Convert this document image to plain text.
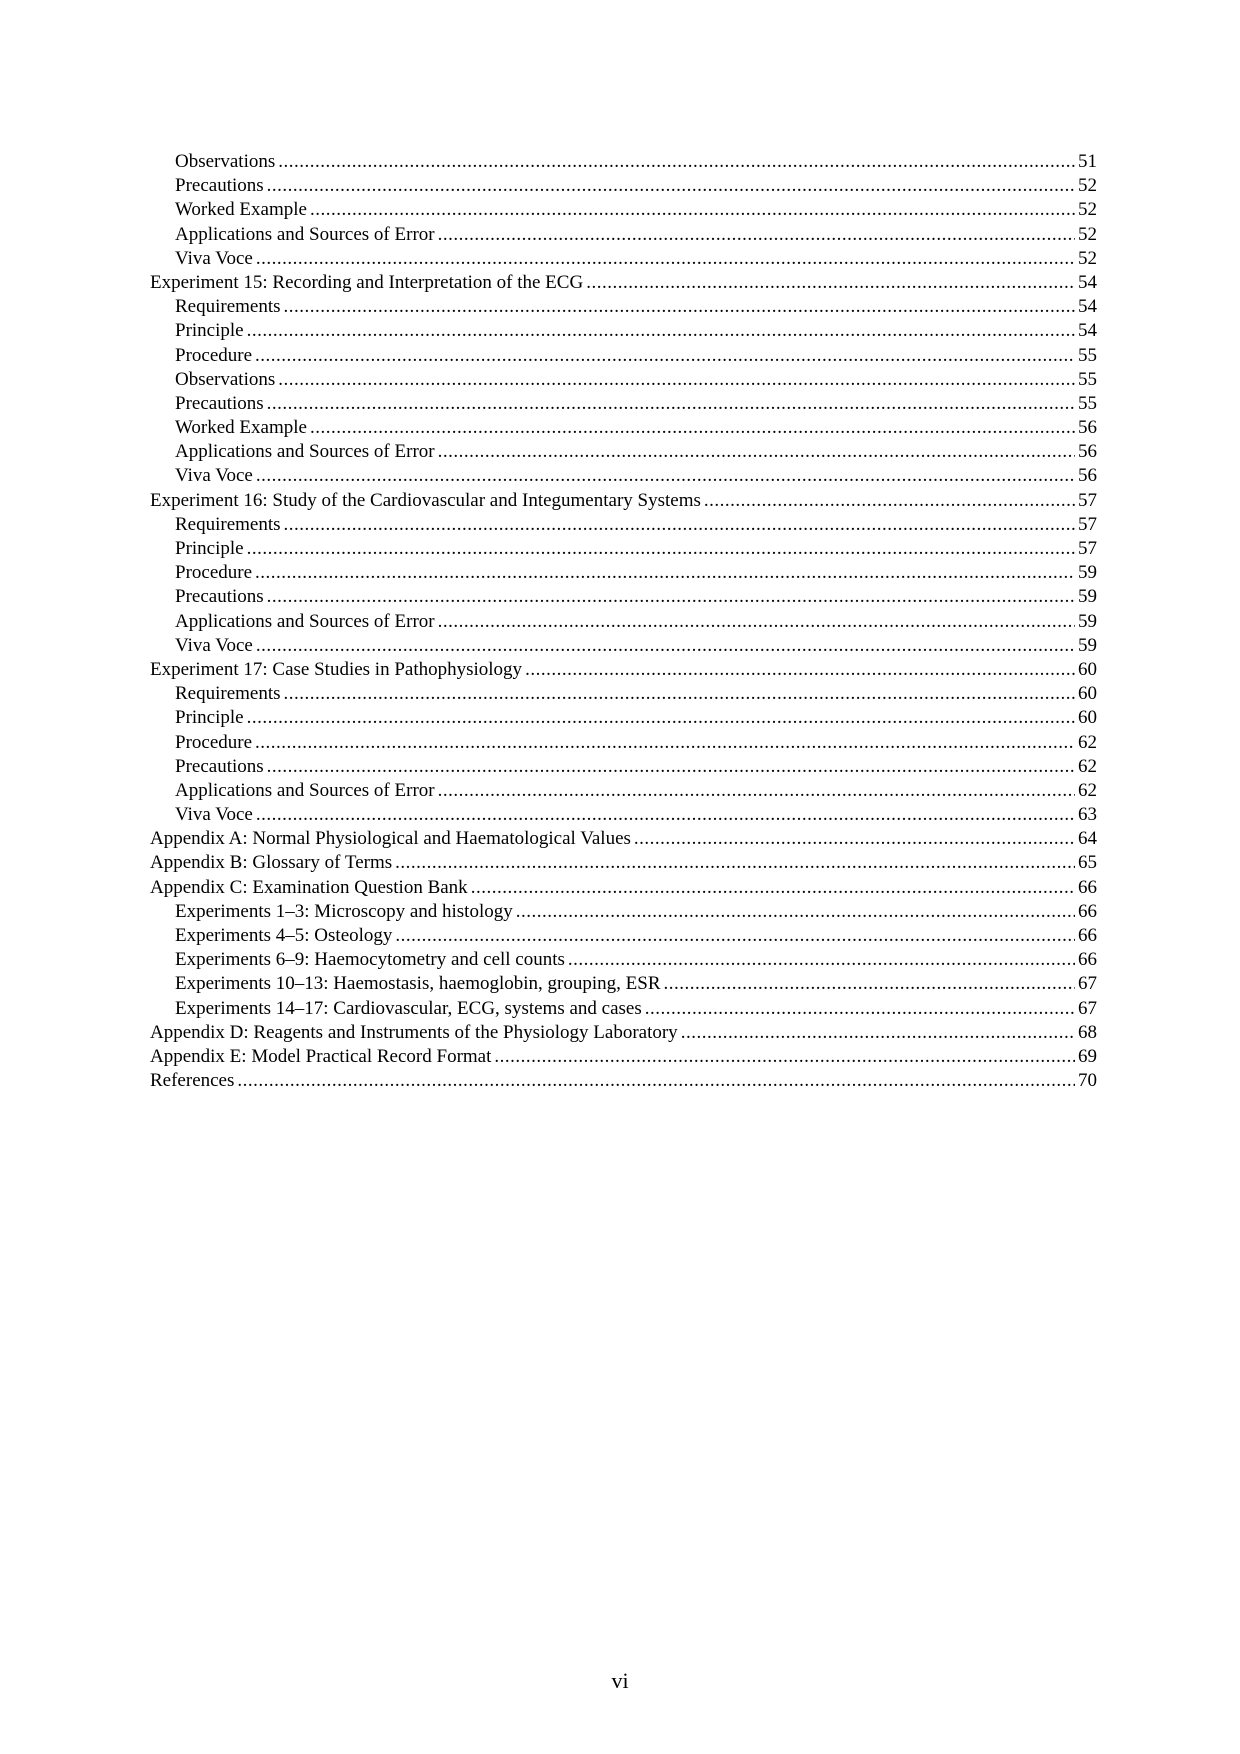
Observations .....	51
Precautions .....	52
Worked Example .....	52
Applications and Sources of Error .....	52
Viva Voce .....	52
Experiment 15: Recording and Interpretation of the ECG .....	54
Requirements .....	54
Principle .....	54
Procedure .....	55
Observations .....	55
Precautions .....	55
Worked Example .....	56
Applications and Sources of Error .....	56
Viva Voce .....	56
Experiment 16: Study of the Cardiovascular and Integumentary Systems .....	57
Requirements .....	57
Principle .....	57
Procedure .....	59
Precautions .....	59
Applications and Sources of Error .....	59
Viva Voce .....	59
Experiment 17: Case Studies in Pathophysiology .....	60
Requirements .....	60
Principle .....	60
Procedure .....	62
Precautions .....	62
Applications and Sources of Error .....	62
Viva Voce .....	63
Appendix A: Normal Physiological and Haematological Values .....	64
Appendix B: Glossary of Terms .....	65
Appendix C: Examination Question Bank .....	66
Experiments 1–3: Microscopy and histology .....	66
Experiments 4–5: Osteology .....	66
Experiments 6–9: Haemocytometry and cell counts .....	66
Experiments 10–13: Haemostasis, haemoglobin, grouping, ESR .....	67
Experiments 14–17: Cardiovascular, ECG, systems and cases .....	67
Appendix D: Reagents and Instruments of the Physiology Laboratory .....	68
Appendix E: Model Practical Record Format .....	69
References .....	70
vi
